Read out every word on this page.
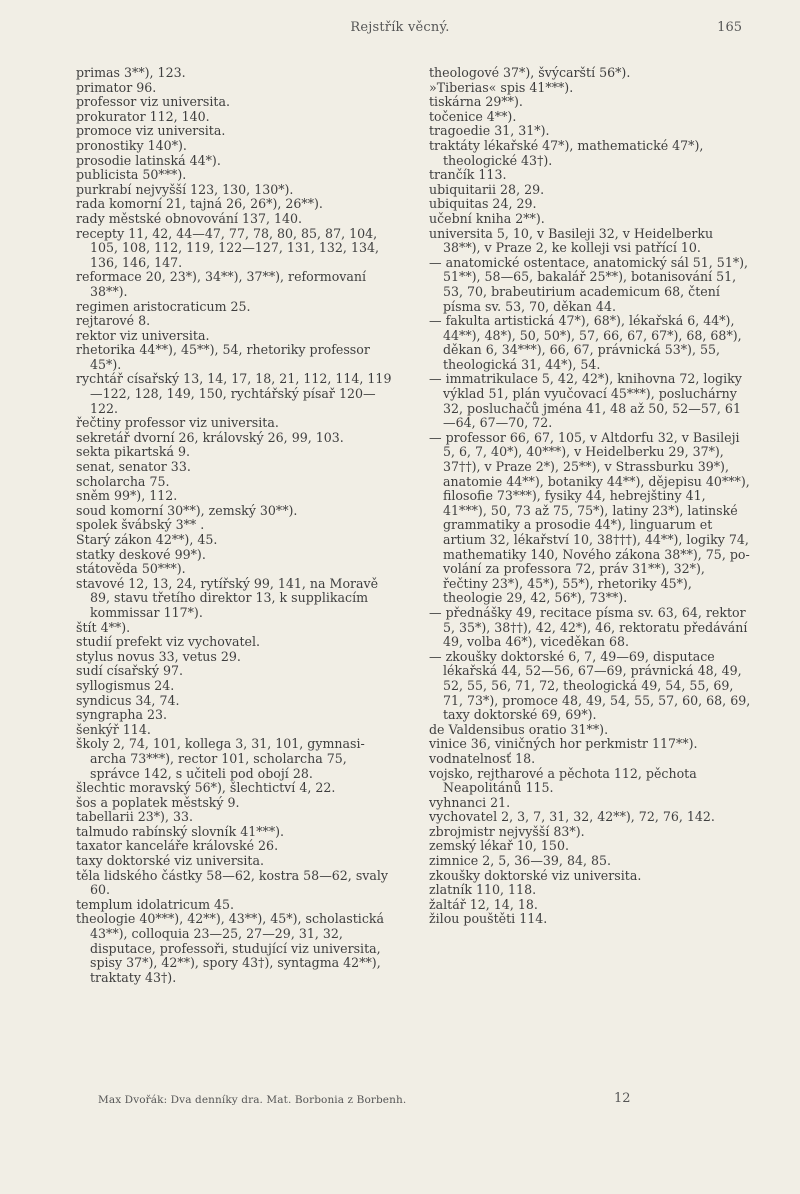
Rejstřík věcný.	165

primas 3**), 123.

primator 96.

professor viz universita.

prokurator 112, 140.

promoce viz universita.

pronostiky 140*).

prosodie latinská 44*).

publicista 50***).

purkrabí nejvyšší 123, 130, 130*).

rada komorní 21, tajná 26, 26*), 26**).

rady městské obnovování 137, 140.

recepty 11, 42, 44—47, 77, 78, 80, 85, 87, 104, 105, 108, 112, 119, 122—127, 131, 132, 134, 136, 146, 147.

reformace 20, 23*), 34**), 37**), reformovaní 38**).

regimen aristocraticum 25.

rejtarové 8.

rektor viz universita.

rhetorika 44**), 45**), 54, rhetoriky professor 45*).

rychtář císařský 13, 14, 17, 18, 21, 112, 114, 119—122, 128, 149, 150, rychtářský písař 120—122.

řečtiny professor viz universita.

sekretář dvorní 26, královský 26, 99, 103.

sekta pikartská 9.

senat, senator 33.

scholarcha 75.

sněm 99*), 112.

soud komorní 30**), zemský 30**).

spolek švábský 3** .

Starý zákon 42**), 45.

statky deskové 99*).

státověda 50***).

stavové 12, 13, 24, rytířský 99, 141, na Moravě 89, stavu třetího direktor 13, k supplikacím kommissar 117*).

štít 4**).

studií prefekt viz vychovatel.

stylus novus 33, vetus 29.

sudí císařský 97.

syllogismus 24.

syndicus 34, 74.

syngrapha 23.

šenkýř 114.

školy 2, 74, 101, kollega 3, 31, 101, gymnasiarcha 73***), rector 101, scholarcha 75, správce 142, s učiteli pod obojí 28.

šlechtic moravský 56*), šlechtictví 4, 22.

šos a poplatek městský 9.

tabellarii 23*), 33.

talmudo rabínský slovník 41***).

taxator kanceláře královské 26.

taxy doktorské viz universita.

těla lidského částky 58—62, kostra 58—62, svaly 60.

templum idolatricum 45.

theologie 40***), 42**), 43**), 45*), scholastická 43**), colloquia 23—25, 27—29, 31, 32, disputace, professoři, studující viz universita, spisy 37*), 42**), spory 43†), syntagma 42**), traktaty 43†).

theologové 37*), švýcarští 56*).

»Tiberias« spis 41***).

tiskárna 29**).

točenice 4**).

tragoedie 31, 31*).

traktáty lékařské 47*), mathematické 47*), theologické 43†).

trančík 113.

ubiquitarii 28, 29.

ubiquitas 24, 29.

učební kniha 2**).

universita 5, 10, v Basileji 32, v Heidelberku 38**), v Praze 2, ke kolleji vsi patřící 10.

— anatomické ostentace, anatomický sál 51, 51*), 51**), 58—65, bakalář 25**), botanisování 51, 53, 70, brabeutirium academicum 68, čtení písma sv. 53, 70, děkan 44.

— fakulta artistická 47*), 68*), lékařská 6, 44*), 44**), 48*), 50, 50*), 57, 66, 67, 67*), 68, 68*), děkan 6, 34***), 66, 67, právnická 53*), 55, theologická 31, 44*), 54.

— immatrikulace 5, 42, 42*), knihovna 72, logiky výklad 51, plán vyučovací 45***), posluchárny 32, posluchačů jména 41, 48 až 50, 52—57, 61—64, 67—70, 72.

— professor 66, 67, 105, v Altdorfu 32, v Basileji 5, 6, 7, 40*), 40***), v Heidelberku 29, 37*), 37††), v Praze 2*), 25**), v Strassburku 39*), anatomie 44**), botaniky 44**), dějepisu 40***), filosofie 73***), fysiky 44, hebrejštiny 41, 41***), 50, 73 až 75, 75*), latiny 23*), latinské grammatiky a prosodie 44*), linguarum et artium 32, lékařství 10, 38†††), 44**), logiky 74, mathematiky 140, Nového zákona 38**), 75, povolání za professora 72, práv 31**), 32*), řečtiny 23*), 45*), 55*), rhetoriky 45*), theologie 29, 42, 56*), 73**).

— přednášky 49, recitace písma sv. 63, 64, rektor 5, 35*), 38††), 42, 42*), 46, rektoratu předávání 49, volba 46*), viceděkan 68.

— zkoušky doktorské 6, 7, 49—69, disputace lékařská 44, 52—56, 67—69, právnická 48, 49, 52, 55, 56, 71, 72, theologická 49, 54, 55, 69, 71, 73*), promoce 48, 49, 54, 55, 57, 60, 68, 69, taxy doktorské 69, 69*).

de Valdensibus oratio 31**).

vinice 36, viničných hor perkmistr 117**).

vodnatelnosť 18.

vojsko, rejtharové a pěchota 112, pěchota Neapolitánů 115.

vyhnanci 21.

vychovatel 2, 3, 7, 31, 32, 42**), 72, 76, 142.

zbrojmistr nejvyšší 83*).

zemský lékař 10, 150.

zimnice 2, 5, 36—39, 84, 85.

zkoušky doktorské viz universita.

zlatník 110, 118.

žaltář 12, 14, 18.

žilou pouštěti 114.

Max Dvořák: Dva denníky dra. Mat. Borbonia z Borbenh.	12
